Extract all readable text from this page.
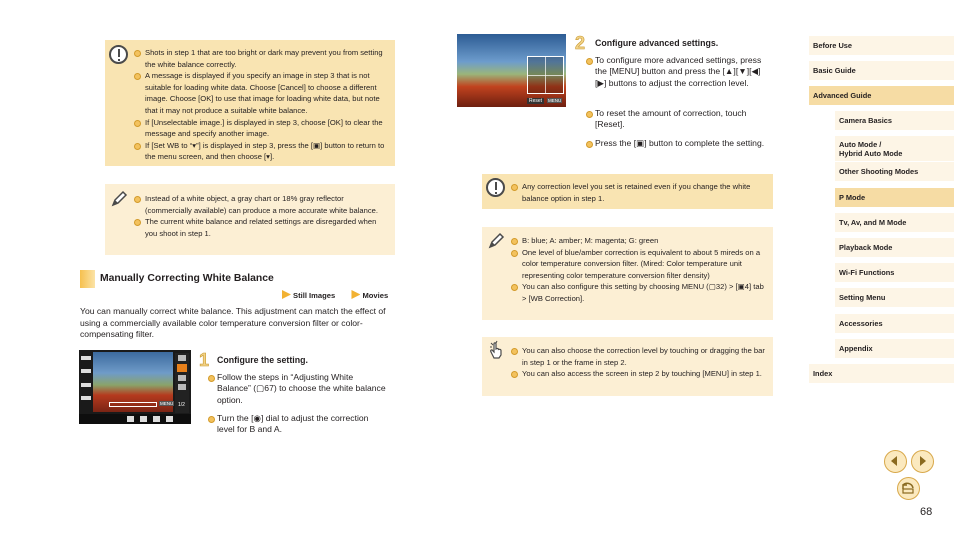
Shots in step 1 that are too bright or dark may prevent you from setting the white balance correctly.
A message is displayed if you specify an image in step 3 that is not suitable for loading white data. Choose [Cancel] to choose a different image. Choose [OK] to use that image for loading white data, but note that it may not produce a suitable white balance.
If [Unselectable image.] is displayed in step 3, choose [OK] to clear the message and specify another image.
If [Set WB to “▾”] is displayed in step 3, press the [▣] button to return to the menu screen, and then choose [▾].
Instead of a white object, a gray chart or 18% gray reflector (commercially available) can produce a more accurate white balance.
The current white balance and related settings are disregarded when you shoot in step 1.
Manually Correcting White Balance
Still Images	Movies
You can manually correct white balance. This adjustment can match the effect of using a commercially available color temperature conversion filter or color-compensating filter.
MENU 1/2
1 Configure the setting.
Follow the steps in “Adjusting White Balance” (▢67) to choose the white balance option.
Turn the [◉] dial to adjust the correction level for B and A.
Reset	MENU
2 Configure advanced settings.
To configure more advanced settings, press the [MENU] button and press the [▲][▼][◀][▶] buttons to adjust the correction level.
To reset the amount of correction, touch [Reset].
Press the [▣] button to complete the setting.
Any correction level you set is retained even if you change the white balance option in step 1.
B: blue; A: amber; M: magenta; G: green
One level of blue/amber correction is equivalent to about 5 mireds on a color temperature conversion filter. (Mired: Color temperature unit representing color temperature conversion filter density)
You can also configure this setting by choosing MENU (▢32) > [▣4] tab > [WB Correction].
You can also choose the correction level by touching or dragging the bar in step 1 or the frame in step 2.
You can also access the screen in step 2 by touching [MENU] in step 1.
Before Use
Basic Guide
Advanced Guide
Camera Basics
Auto Mode /
Hybrid Auto Mode
Other Shooting Modes
P Mode
Tv, Av, and M Mode
Playback Mode
Wi-Fi Functions
Setting Menu
Accessories
Appendix
Index
68
